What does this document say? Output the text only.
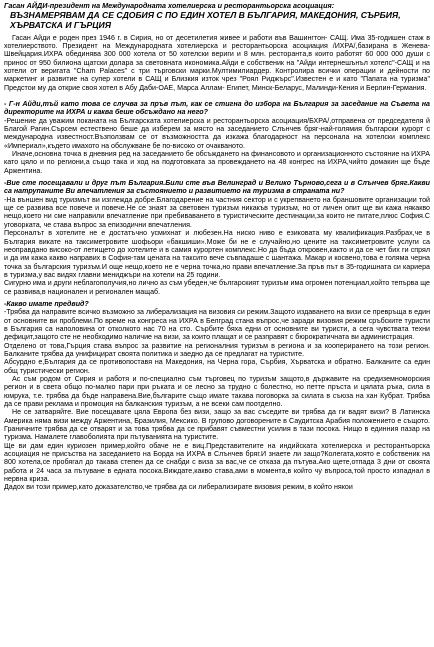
Гасан АЙДИ-президент на Международната хотелиерска и ресторантьорска асоциация:
ВЪЗНАМЕРЯВАМ ДА СЕ СДОБИЯ С ПО ЕДИН ХОТЕЛ В БЪЛГАРИЯ, МАКЕДОНИЯ, СЪРБИЯ, ХЪРВАТСКА И ГЪРЦИЯ

Гасан Айди е роден през 1946 г. в Сирия, но от десетилетия живее и работи във Вашингтон- САЩ. Има 35-годишен стаж в хотелиерството. Президент на Международната хотелиерска и ресторантьорска асоциация /ИХРА/,базирана в Женева-Швейцария.ИХРА обединява 300 000 хотела от 50 хотелски вериги и 8 млн. ресторанта,в които работят 60 000 000 души с принос от 950 билиона щатски долара за световната икономика.Айди е собственик на "Айди интернешънъл хотелс"-САЩ и на хотели от веригата "Cham Palaces" с три търговски марки.Мултимилиардер. Контролира всички операции и дейности по маркетинг и развитие на супер хотели в САЩ и Близкия изток чрез "Роял Риджърс".Известен е и като "Папата на туризма" Предстои му да открие своя хотел в Абу Даби-ОАЕ, Марса Аллам- Египет, Минск-Беларус, Малинди-Кения и Берлин-Германия.

- Г-н Айди,тъй като това се случва за пръв път, как се стигна до избора на България за заседание на Съвета на директорите на ИХРА и каква беше обсъждано на него?

-Решение да уважим поканата на Българската хотелиерска и ресторантьорска асоциация/БХРА/,отправена от председателя й Благой Рагин.Сърсем естествено беше да изберем за място на заседанието Слънчев бряг-най-голямия български курорт с международна известност.Възползвам се от възможността да изкажа благодарност на персонала на хотелски комплекс «Империал»,където имахото на обслужване бе по-високо от очакваното.

Иначе,основна точка в дневния ред на заседанието бе обсъждането на финансовото и организационното състояние на ИХРА като цяло и по региони,а също така и ход на подготовката за провеждането на 48 конгрес на ИХРА,чийто домакин ще бъде Аржентина.

-Вие сте посещавали и друг път България.Били сте във Велинград и Велико Търново,сега и в Слънчев бряг.Какви са натрупаните Ви впечатления за състоянието и развитието на туризма в страната ни?

-На външен вид туризмът ви изглежда добре.Благодарение на частния сектор и с укрепването на браншовите организации той ще се развива все повече и повече.Не се знаят за световен туризъм никакъв туризъм, но от личен опит ще ви кажа някакво нещо,което ни сме направили впечатление при пребиваването в туристическите дестинации,за които не питате,плюс София.С уговорката, че става въпрос за епизодични впечатления.

Персоналът в хотелите не е достатъчно усмихнат и любезен.На ниско ниво е езиковата му квалификация.Разбрах,че в България викате на таксиметровите шофьори «бакшиши».Може би не е случайно,но цените на таксиметровите услуги са неоправдано високо-от летището до хотелите и в самия курортен комплекс.Но да бъда откровен,както и да се чет бих ги спрял и да им кажа какво направих в София-там цената на таксито вече съвпадаше с шантажа. Макар и косвено,това е голяма черна точка за българския туризъм.И още нещо,което не е черна точка,но прави впечатление.За пръв път в 35-годишната си кариера в туризма,у вас видях главни мениджъри на хотели на 25 години.

Сигурно има и други неблагополучия,но лично аз съм убеден,че българският туризъм има огромен потенциал,който тепърва ще се развива,в национален и регионален мащаб.

-Какво имате предвид?

-Трябва да направите всичко възможно за либерализация на визовия си режим.Защото издаването на визи се превръща в един от основните ви проблеми.По време на конгреса на ИХРА в Белград стана въпрос,че заради визовия режим сръбските туристи в България са наполовина от отколкото нас 70 на сто. Сърбите бяха едни от основните ви туристи, а сега чувствата техни дефицит,защото сте не необходимо наличие на визи, за които плащат и се разправят с бюрократичната ви администрация.

Отделено от това,Гърция става въпрос за развитие на регионалния туризъм в региона и за кооперирането на този регион. Балканите трябва да унифицират своята политика и заедно да се предлагат на туристите.

Абсурдно е,България да се противопоставя на Македония, на Черна гора, Сърбия, Хърватска и обратно. Балканите са един общ туристически регион.

Ас съм родом от Сирия и работя и по-специално съм търговец по туризъм защото,в държавите на средиземноморския регион и в света общо по-малко пари при ръката и се лесно за трудно с болестно, но петте пръста и цялата ръка, сила в юмрука, т.е. трябва да бъде направена.Вие,българите също имате такава поговорка за силата в съюза на хан Кубрат. Трябва да се прави реклама и промоция на балканския туризъм, а не всеки сам поотделно.

Не се затваряйте. Вие посещавате цяла Европа без визи, защо за вас съседите ви трябва да ги вадят визи? В Латинска Америка няма визи между Аржентина, Бразилия, Мексико. В групово договорените в Саудитска Арабия положението е същото. Граничните трябва да се отварят и за това трябва да се прибавят съвместни усилия в тази посока. Нищо в единния пазар на туризма. Намалете главоболията при пътуванията на туристите.

Ще ви дам един куриозен пример,който обаче не е виц.Представителите на индийската хотелиерска и ресторантьорска асоциация не присъства на заседанието на Борда на ИХРА в Слънчев бряг.И знаете ли защо?Колегата,която е собственик на 800 хотела,се пробягал до такава степен да се снабди с виза за вас,че се отказа да пътува.Ако щете,отпада 3 дни от своята работа и 24 часа за пътуване в едната посока.Виждате,какво става,ами в момента,в който чу въпроса,той просто изпаднал в нервна криза.

Дадох ви този пример,като доказателство,че трябва да си либерализирате визовия режим, в който някои
